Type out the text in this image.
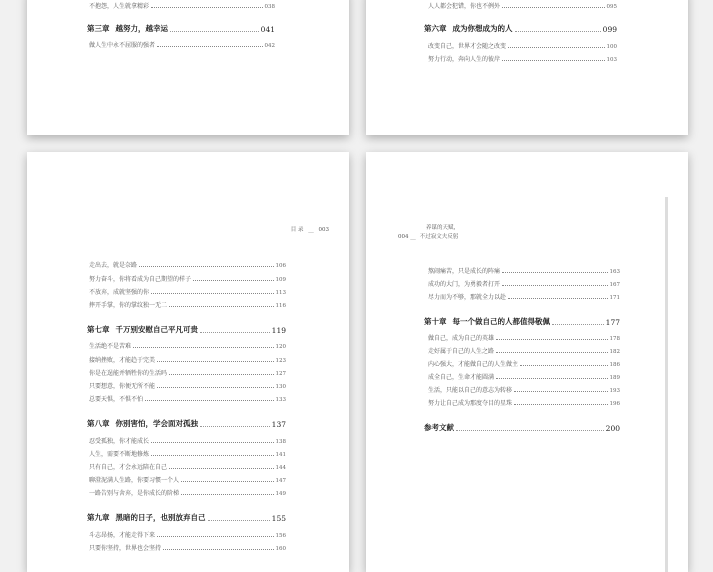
不抱怨，人生就拿精彩	038
第三章 越努力，越幸运	041
做人生中永不屈服的强者	042
人人都会犯错，你也不例外	095
第六章 成为你想成为的人	099
改变自己，世界才会随之改变	100
努力行动，奔向人生的彼岸	103
目 录 __ 003
走出去，就是奈路	106
努力奋斗，你将看成为自己期望的样子	109
不放弃，成就坚强的你	113
摔开手掌，你的掌纹独一无二	116
第七章 千万别安慰自己平凡可贵	119
生活绝不是苦难	120
接纳挫败，才能趋于完美	123
你是在逞能并牺牲你的生活吗	127
只要想意，你便无所不能	130
总要天惧，不惧不怕	133
第八章 你别害怕，学会面对孤独	137
忍受孤独，你才能成长	138
人生，需要不断地修炼	141
只有自己，才会永远陪在自己	144
聊澄泥满人生路，你要习惯一个人	147
一路告别与舍弃，是你成长的阶梯	149
第九章 黑暗的日子，也别放弃自己	155
斗志昂扬，才能走得下来	156
只要你坚持，世界也会坚持	160
养谋的天赋，
004 __ 不过寂文夫反躬
熬闹痛苦，只是成长的阵痛	163
成功的大门，为勇毅者打开	167
尽力而为不够，那就全力以赴	171
第十章 每一个做自己的人都值得敬佩	177
做自己，成为自己的英雄	178
走好属于自己的人生之路	182
内心强大，才能做自己的人生做主	186
成全自己，生命才能圆满	189
生活，只能以自己的意志为转移	193
努力让自己成为那度夺目的星珠	196
参考文献	200
